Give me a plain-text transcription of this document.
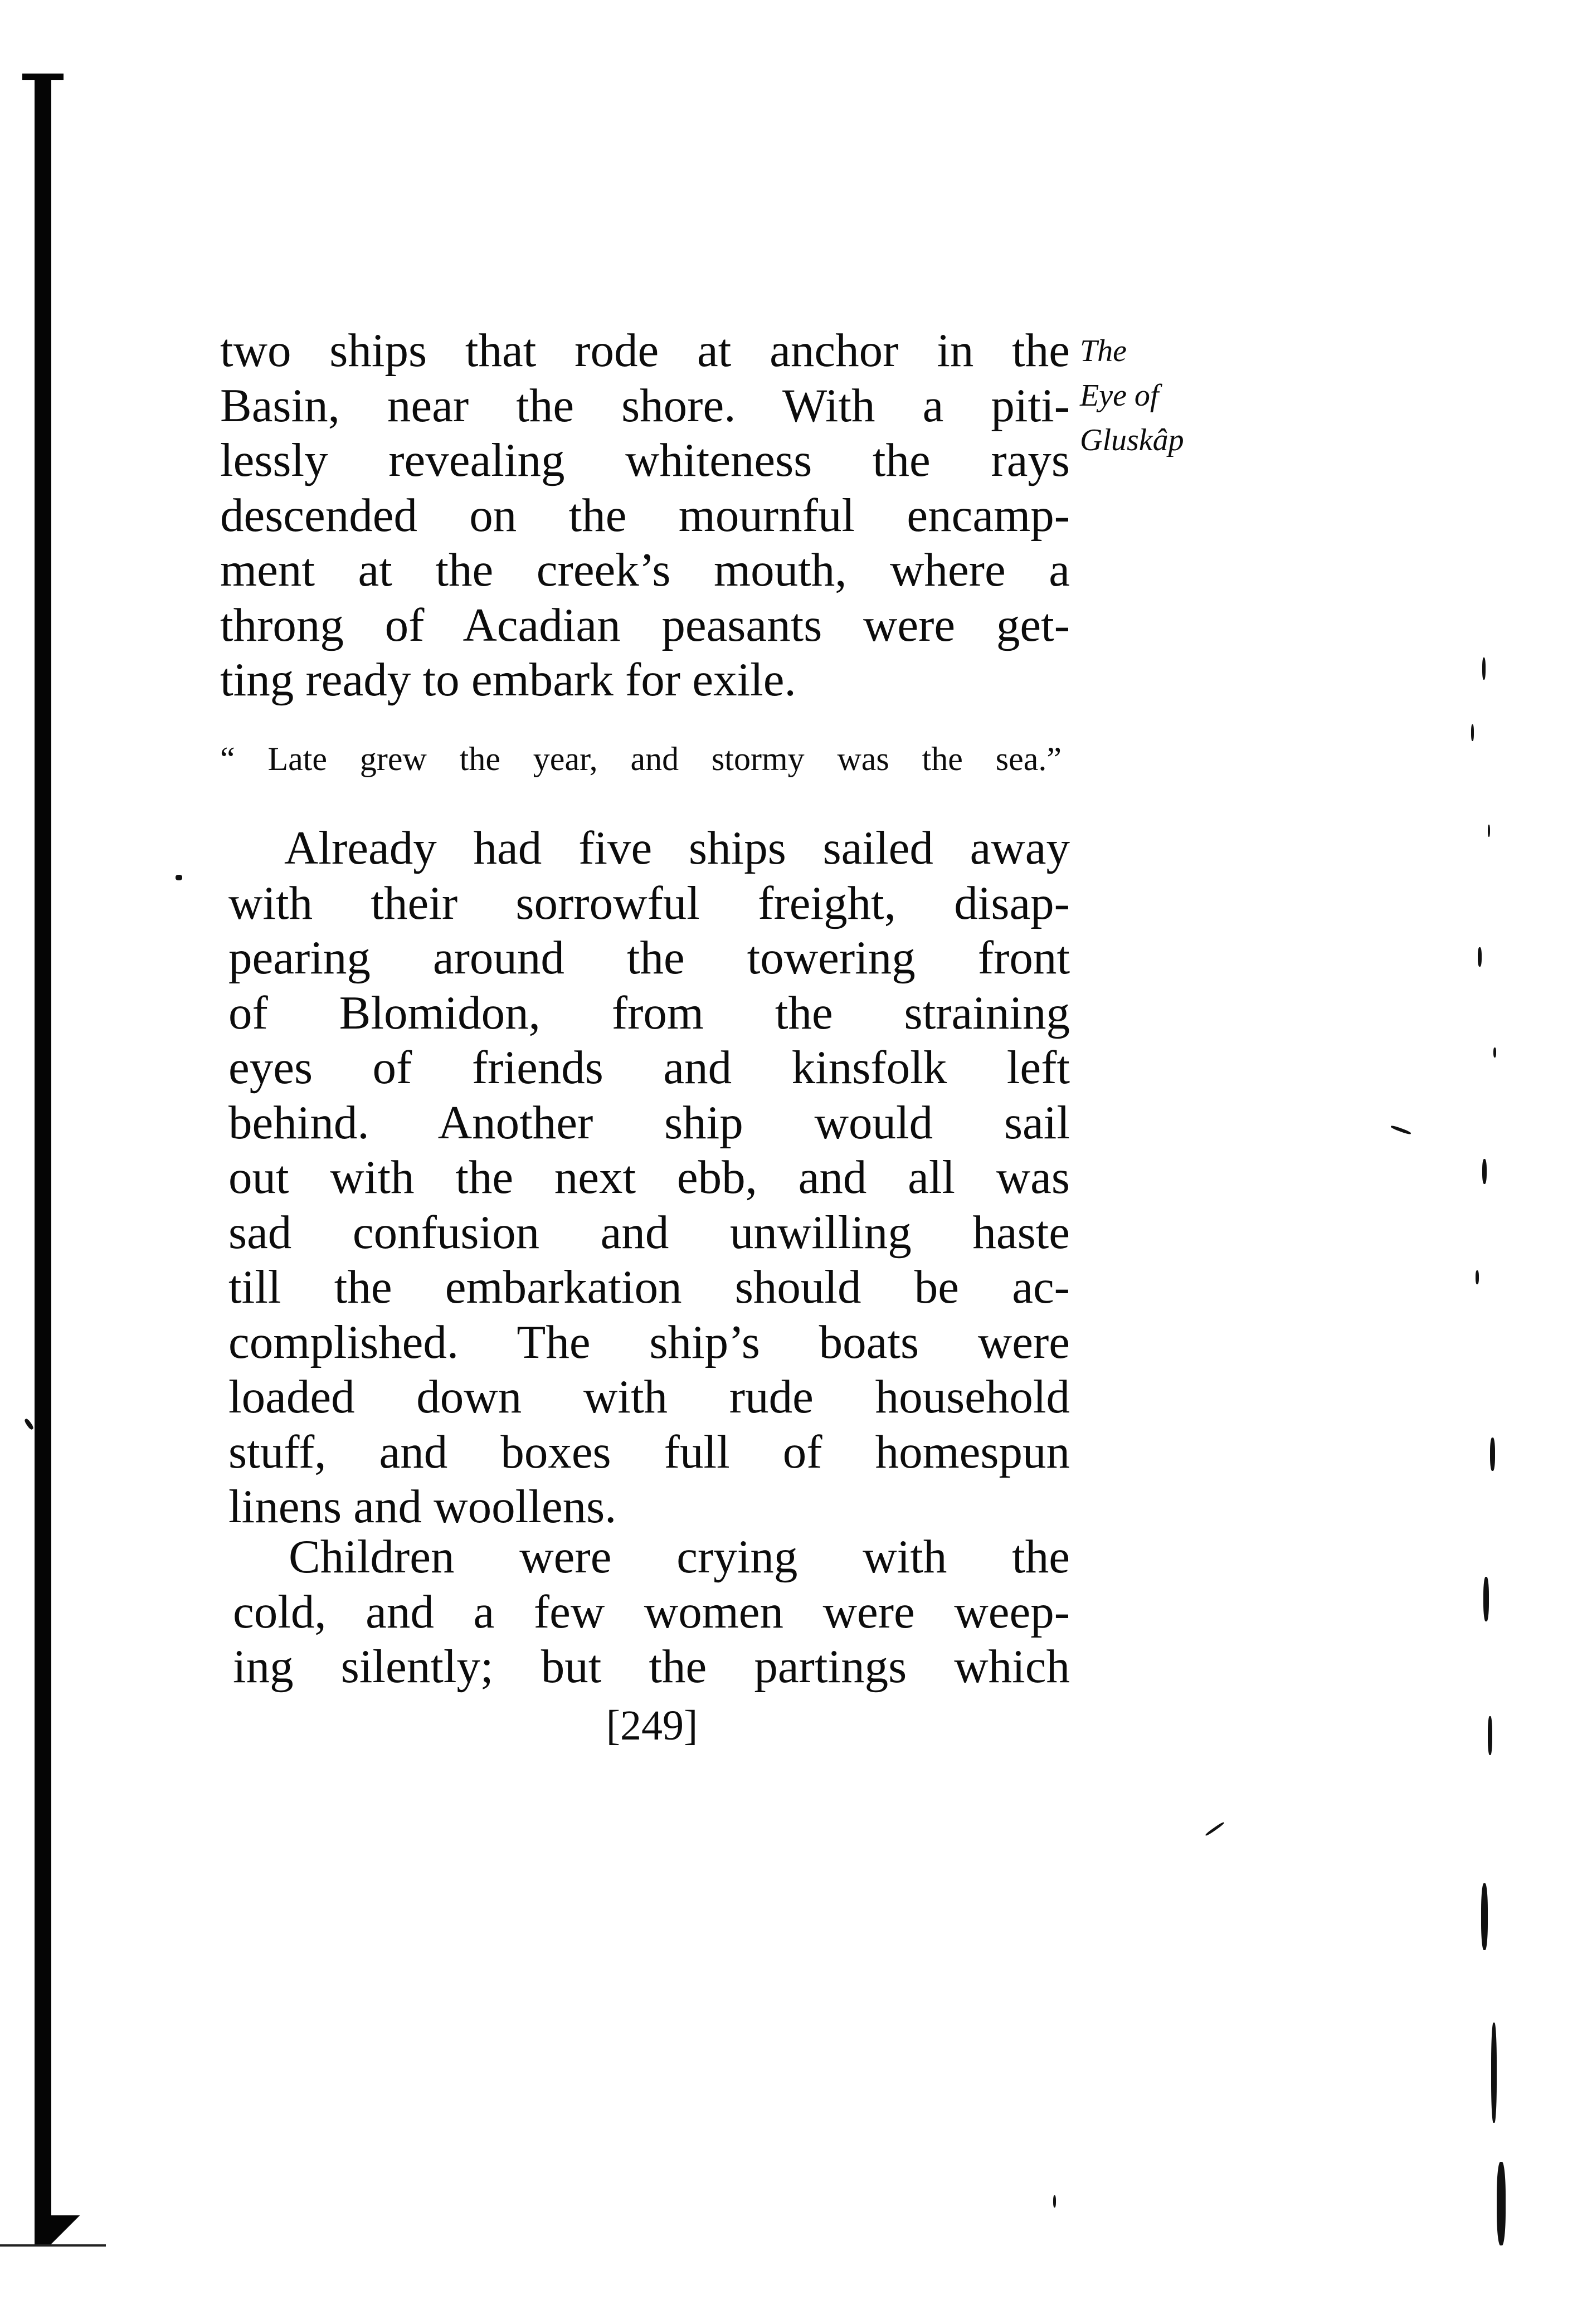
The
Eye of
Gluskâp
two ships that rode at anchor in the
Basin, near the shore. With a piti-
lessly revealing whiteness the rays
descended on the mournful encamp-
ment at the creek’s mouth, where a
throng of Acadian peasants were get-
ting ready to embark for exile.
“ Late grew the year, and stormy was the sea.”
Already had five ships sailed away
with their sorrowful freight, disap-
pearing around the towering front
of Blomidon, from the straining
eyes of friends and kinsfolk left
behind. Another ship would sail
out with the next ebb, and all was
sad confusion and unwilling haste
till the embarkation should be ac-
complished. The ship’s boats were
loaded down with rude household
stuff, and boxes full of homespun
linens and woollens.
Children were crying with the
cold, and a few women were weep-
ing silently; but the partings which
[249]
